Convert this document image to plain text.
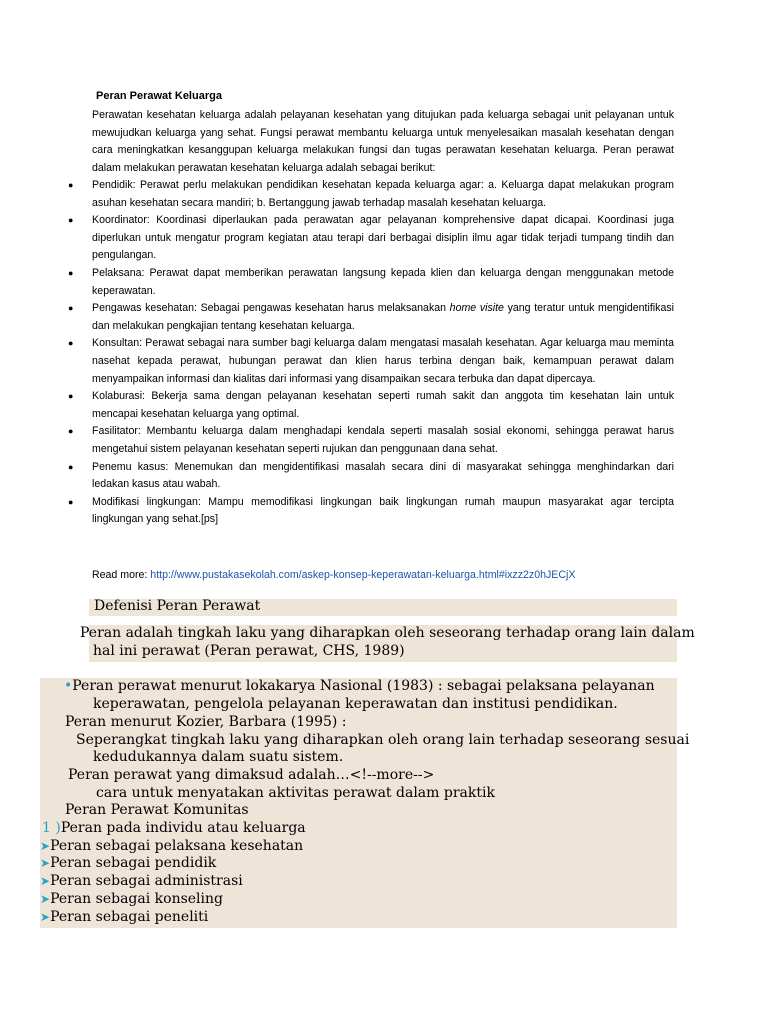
Peran Perawat Keluarga
Perawatan kesehatan keluarga adalah pelayanan kesehatan yang ditujukan pada keluarga sebagai unit pelayanan untuk mewujudkan keluarga yang sehat. Fungsi perawat membantu keluarga untuk menyelesaikan masalah kesehatan dengan cara meningkatkan kesanggupan keluarga melakukan fungsi dan tugas perawatan kesehatan keluarga. Peran perawat dalam melakukan perawatan kesehatan keluarga adalah sebagai berikut:
● Pendidik: Perawat perlu melakukan pendidikan kesehatan kepada keluarga agar: a. Keluarga dapat melakukan program asuhan kesehatan secara mandiri; b. Bertanggung jawab terhadap masalah kesehatan keluarga.
● Koordinator: Koordinasi diperlaukan pada perawatan agar pelayanan komprehensive dapat dicapai. Koordinasi juga diperlukan untuk mengatur program kegiatan atau terapi dari berbagai disiplin ilmu agar tidak terjadi tumpang tindih dan pengulangan.
● Pelaksana: Perawat dapat memberikan perawatan langsung kepada klien dan keluarga dengan menggunakan metode keperawatan.
● Pengawas kesehatan: Sebagai pengawas kesehatan harus melaksanakan home visite yang teratur untuk mengidentifikasi dan melakukan pengkajian tentang kesehatan keluarga.
● Konsultan: Perawat sebagai nara sumber bagi keluarga dalam mengatasi masalah kesehatan. Agar keluarga mau meminta nasehat kepada perawat, hubungan perawat dan klien harus terbina dengan baik, kemampuan perawat dalam menyampaikan informasi dan kialitas dari informasi yang disampaikan secara terbuka dan dapat dipercaya.
● Kolaburasi: Bekerja sama dengan pelayanan kesehatan seperti rumah sakit dan anggota tim kesehatan lain untuk mencapai kesehatan keluarga yang optimal.
● Fasilitator: Membantu keluarga dalam menghadapi kendala seperti masalah sosial ekonomi, sehingga perawat harus mengetahui sistem pelayanan kesehatan seperti rujukan dan penggunaan dana sehat.
● Penemu kasus: Menemukan dan mengidentifikasi masalah secara dini di masyarakat sehingga menghindarkan dari ledakan kasus atau wabah.
● Modifikasi lingkungan: Mampu memodifikasi lingkungan baik lingkungan rumah maupun masyarakat agar tercipta lingkungan yang sehat.[ps]
Read more: http://www.pustakasekolah.com/askep-konsep-keperawatan-keluarga.html#ixzz2z0hJECjX
Defenisi Peran Perawat
Peran adalah tingkah laku yang diharapkan oleh seseorang terhadap orang lain dalam
hal ini perawat (Peran perawat, CHS, 1989)
•Peran perawat menurut lokakarya Nasional (1983) : sebagai pelaksana pelayanan
keperawatan, pengelola pelayanan keperawatan dan institusi pendidikan.
Peran menurut Kozier, Barbara (1995) :
Seperangkat tingkah laku yang diharapkan oleh orang lain terhadap seseorang sesuai
kedudukannya dalam suatu sistem.
Peran perawat yang dimaksud adalah…<!--more-->
cara untuk menyatakan aktivitas perawat dalam praktik
Peran Perawat Komunitas
1 )Peran pada individu atau keluarga
➤Peran sebagai pelaksana kesehatan
➤Peran sebagai pendidik
➤Peran sebagai administrasi
➤Peran sebagai konseling
➤Peran sebagai peneliti
